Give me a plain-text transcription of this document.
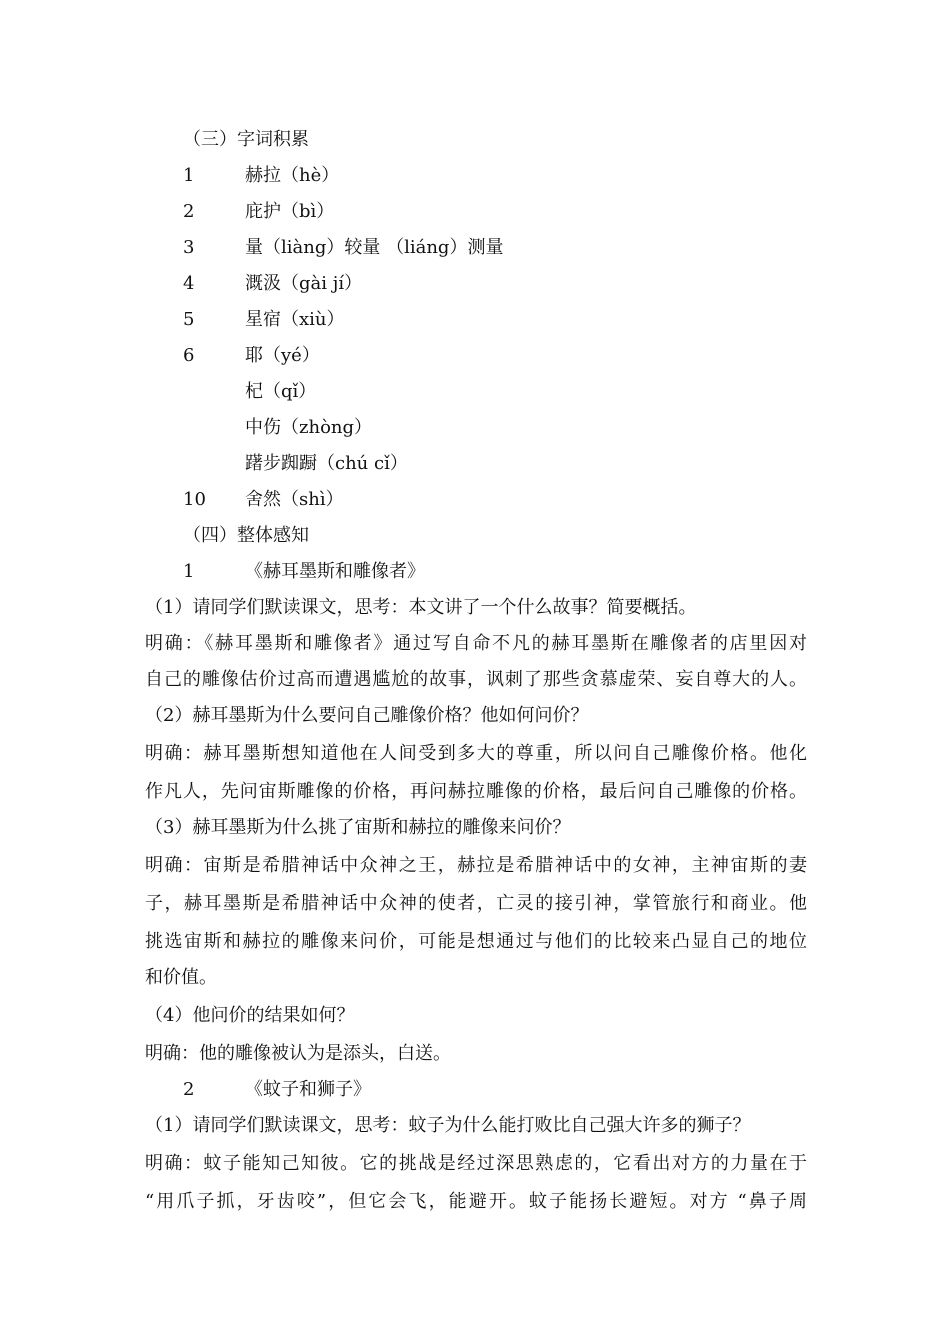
（三）字词积累
1	赫拉（hè）
2	庇护（bì）
3	量（liàng）较量 （liáng）测量
4	溉汲（gài jí）
5	星宿（xiù）
6	耶（yé）
杞（qǐ）
中伤（zhòng）
躇步踟蹰（chú cǐ）
10 舍然（shì）
（四）整体感知
1	《赫耳墨斯和雕像者》
（1）请同学们默读课文，思考：本文讲了一个什么故事？简要概括。
明确：《赫耳墨斯和雕像者》通过写自命不凡的赫耳墨斯在雕像者的店里因对
自己的雕像估价过高而遭遇尴尬的故事，讽刺了那些贪慕虚荣、妄自尊大的人。
（2）赫耳墨斯为什么要问自己雕像价格？他如何问价？
明确：赫耳墨斯想知道他在人间受到多大的尊重，所以问自己雕像价格。他化
作凡人，先问宙斯雕像的价格，再问赫拉雕像的价格，最后问自己雕像的价格。
（3）赫耳墨斯为什么挑了宙斯和赫拉的雕像来问价？
明确：宙斯是希腊神话中众神之王，赫拉是希腊神话中的女神，主神宙斯的妻
子，赫耳墨斯是希腊神话中众神的使者，亡灵的接引神，掌管旅行和商业。他
挑选宙斯和赫拉的雕像来问价，可能是想通过与他们的比较来凸显自己的地位
和价值。
（4）他问价的结果如何？
明确：他的雕像被认为是添头，白送。
2	《蚊子和狮子》
（1）请同学们默读课文，思考：蚊子为什么能打败比自己强大许多的狮子？
明确：蚊子能知己知彼。它的挑战是经过深思熟虑的，它看出对方的力量在于
“用爪子抓，牙齿咬”，但它会飞，能避开。蚊子能扬长避短。对方 “鼻子周
